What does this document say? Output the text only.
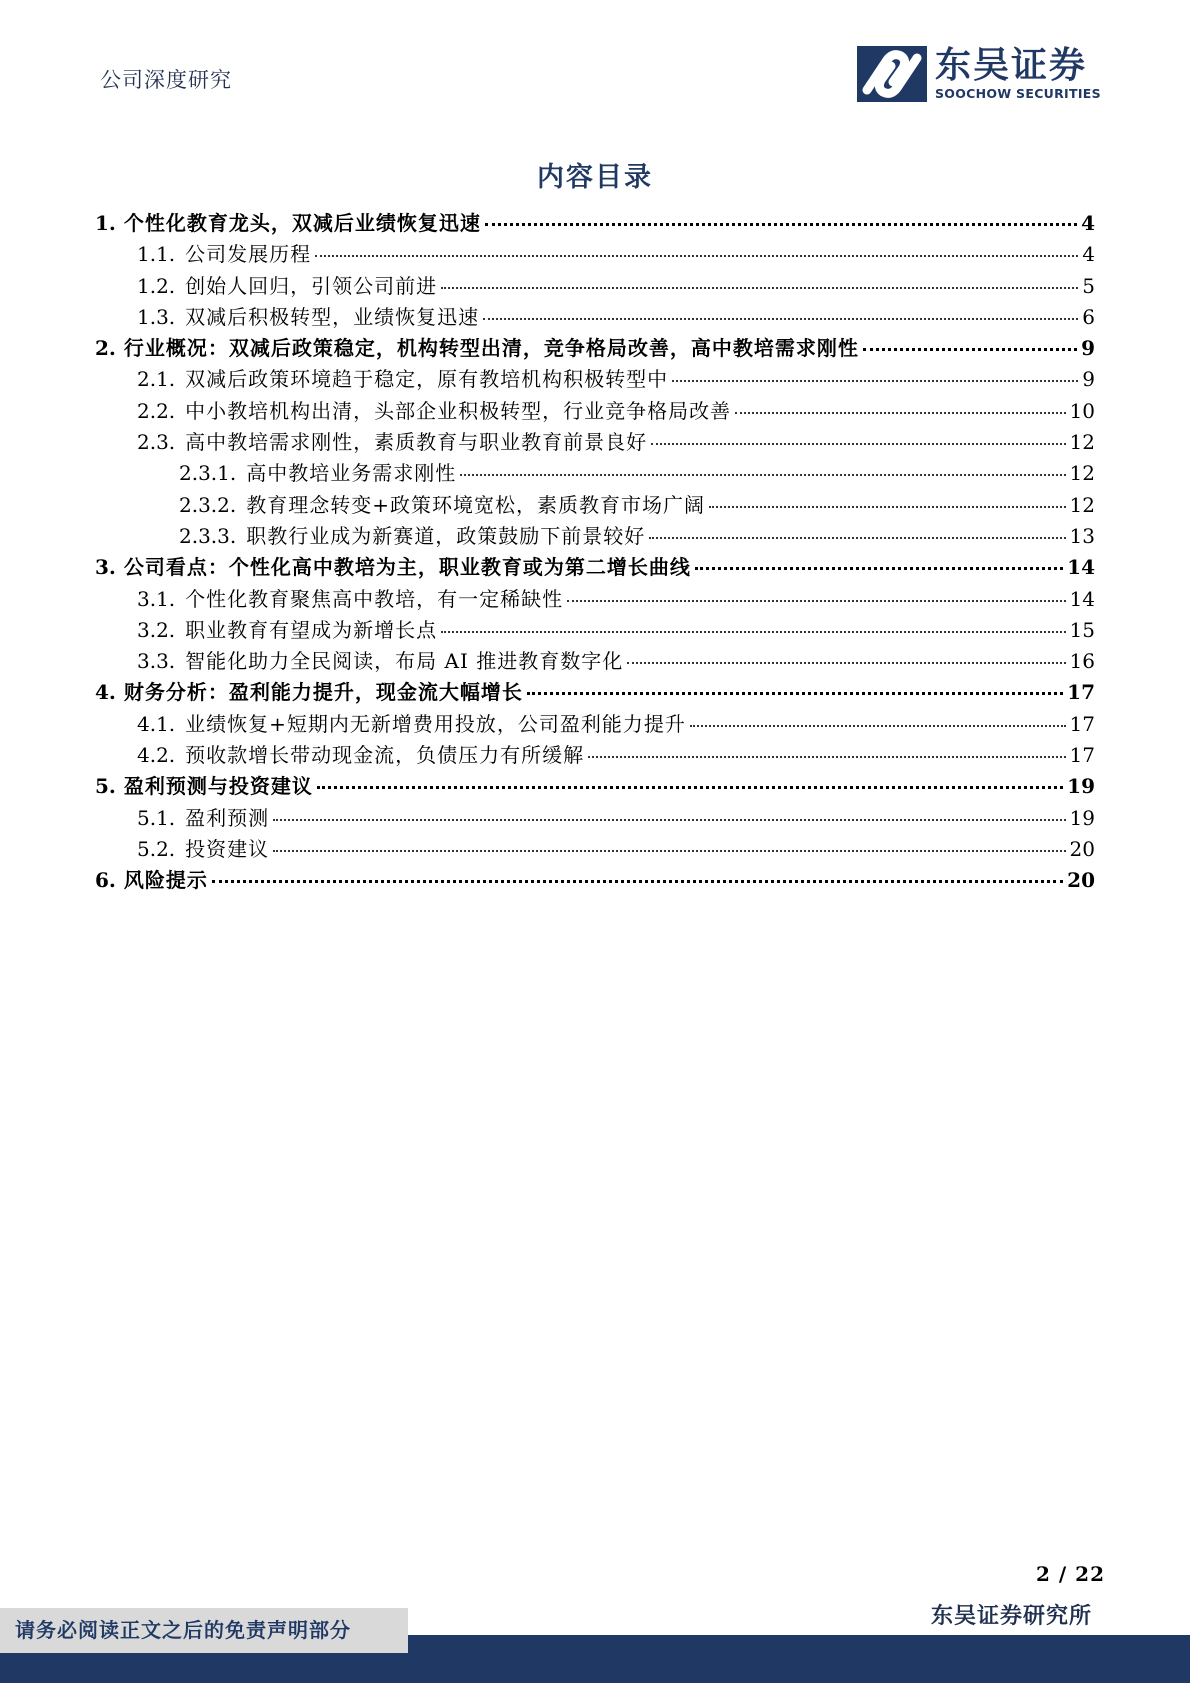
公司深度研究	东吴证券
SOOCHOW SECURITIES
内容目录
1. 个性化教育龙头，双减后业绩恢复迅速	4
1.1. 公司发展历程	4
1.2. 创始人回归，引领公司前进	5
1.3. 双减后积极转型，业绩恢复迅速	6
2. 行业概况：双减后政策稳定，机构转型出清，竞争格局改善，高中教培需求刚性	9
2.1. 双减后政策环境趋于稳定，原有教培机构积极转型中	9
2.2. 中小教培机构出清，头部企业积极转型，行业竞争格局改善	10
2.3. 高中教培需求刚性，素质教育与职业教育前景良好	12
2.3.1. 高中教培业务需求刚性	12
2.3.2. 教育理念转变+政策环境宽松，素质教育市场广阔	12
2.3.3. 职教行业成为新赛道，政策鼓励下前景较好	13
3. 公司看点：个性化高中教培为主，职业教育或为第二增长曲线	14
3.1. 个性化教育聚焦高中教培，有一定稀缺性	14
3.2. 职业教育有望成为新增长点	15
3.3. 智能化助力全民阅读，布局 AI 推进教育数字化	16
4. 财务分析：盈利能力提升，现金流大幅增长	17
4.1. 业绩恢复+短期内无新增费用投放，公司盈利能力提升	17
4.2. 预收款增长带动现金流，负债压力有所缓解	17
5. 盈利预测与投资建议	19
5.1. 盈利预测	19
5.2. 投资建议	20
6. 风险提示	20
2 / 22
东吴证券研究所
请务必阅读正文之后的免责声明部分
